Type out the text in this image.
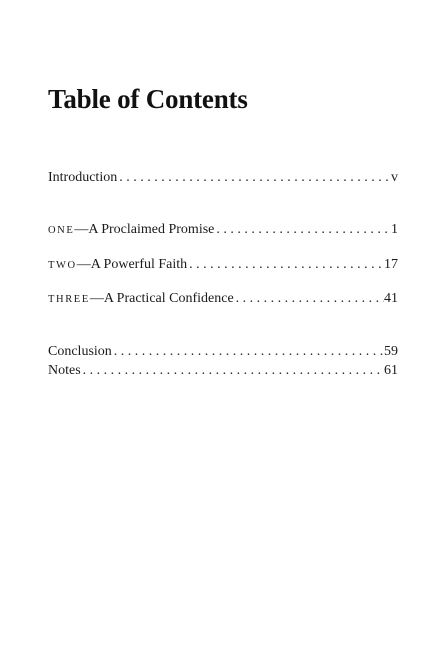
Table of Contents
Introduction . . .	v
ONE—A Proclaimed Promise . . .	1
TWO—A Powerful Faith . . .	17
THREE—A Practical Confidence . . .	41
Conclusion . . .	59
Notes . . .	61
